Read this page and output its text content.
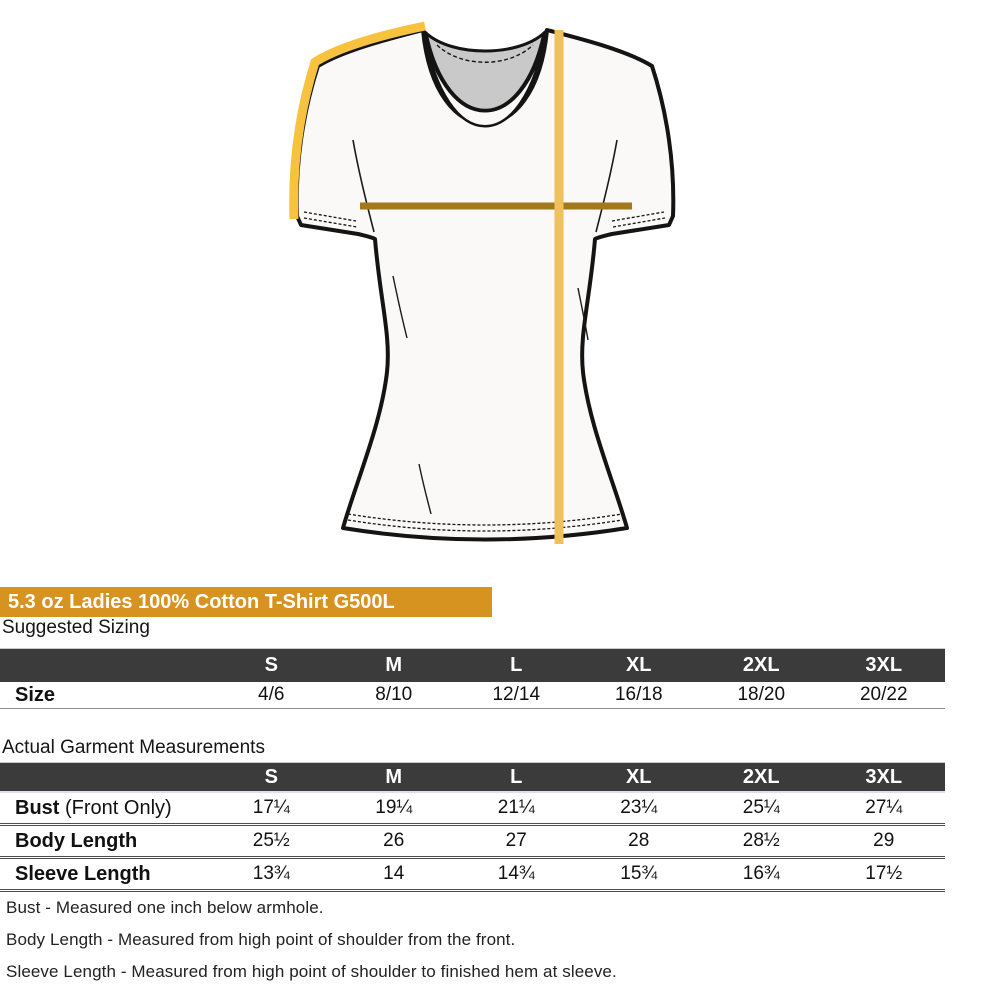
5.3 oz Ladies 100% Cotton T-Shirt G500L
Suggested Sizing
	S	M	L	XL	2XL	3XL
Size	4/6	8/10	12/14	16/18	18/20	20/22
Actual Garment Measurements
	S	M	L	XL	2XL	3XL
Bust (Front Only)	17¼	19¼	21¼	23¼	25¼	27¼
Body Length	25½	26	27	28	28½	29
Sleeve Length	13¾	14	14¾	15¾	16¾	17½

Bust - Measured one inch below armhole.

Body Length - Measured from high point of shoulder from the front.

Sleeve Length - Measured from high point of shoulder to finished hem at sleeve.
